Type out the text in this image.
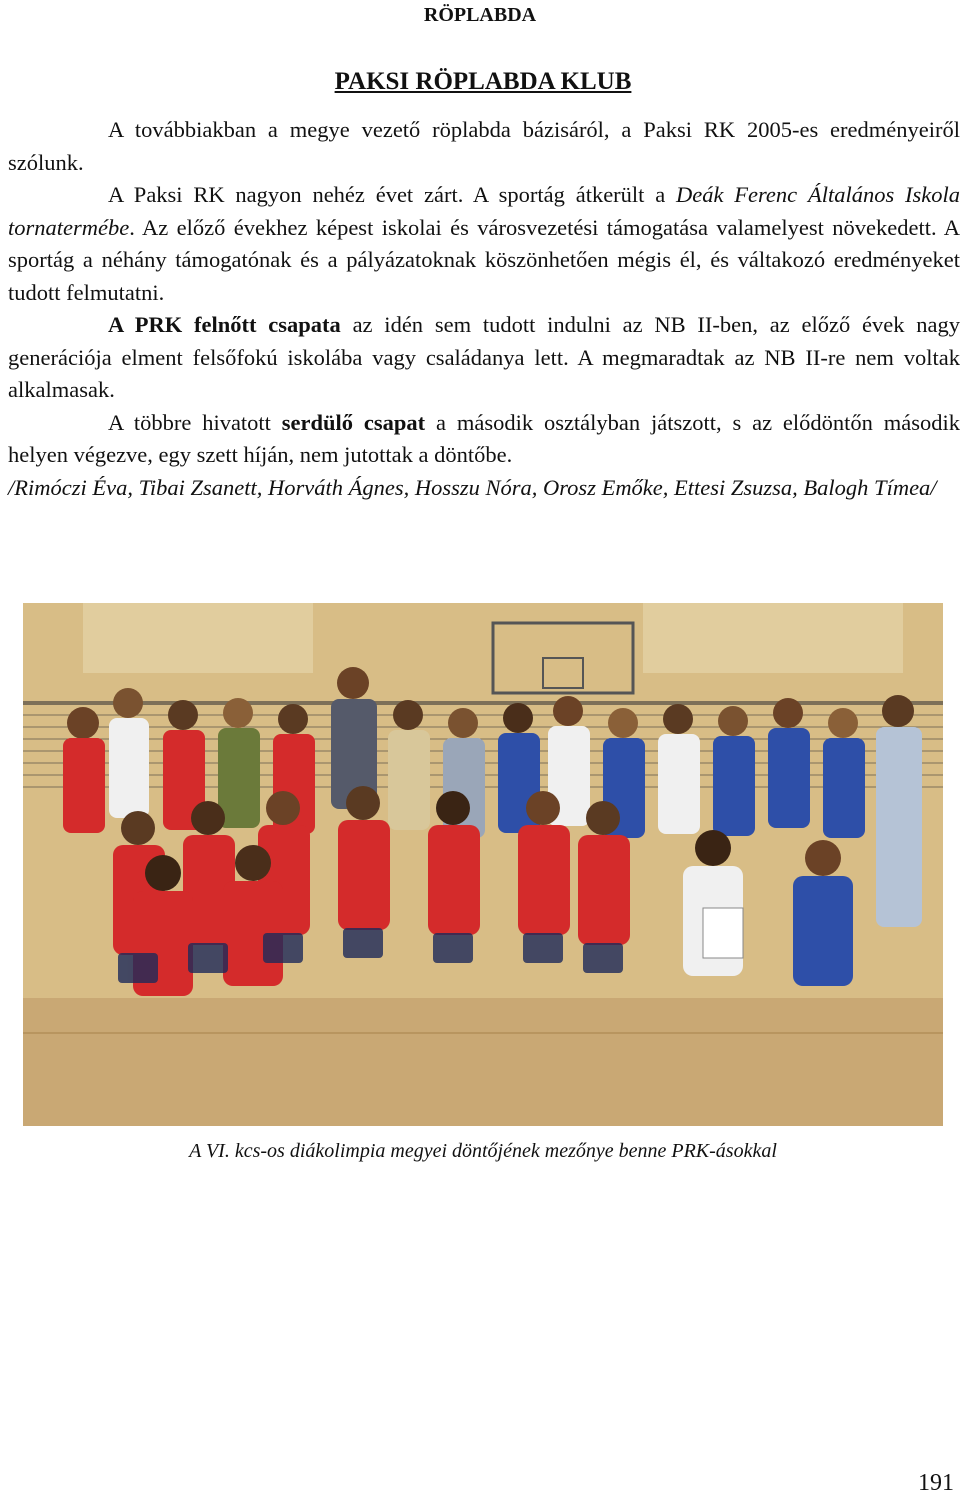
RÖPLABDA
PAKSI RÖPLABDA KLUB

A továbbiakban a megye vezető röplabda bázisáról, a Paksi RK 2005-es eredményeiről szólunk.

A Paksi RK nagyon nehéz évet zárt. A sportág átkerült a Deák Ferenc Általános Iskola tornatermébe. Az előző évekhez képest iskolai és városvezetési támogatása valamelyest növekedett. A sportág a néhány támogatónak és a pályázatoknak köszönhetően mégis él, és váltakozó eredményeket tudott felmutatni.

A PRK felnőtt csapata az idén sem tudott indulni az NB II-ben, az előző évek nagy generációja elment felsőfokú iskolába vagy családanya lett. A megmaradtak az NB II-re nem voltak alkalmasak.

A többre hivatott serdülő csapat a második osztályban játszott, s az elődöntőn második helyen végezve, egy szett híján, nem jutottak a döntőbe.

/Rimóczi Éva, Tibai Zsanett, Horváth Ágnes, Hosszu Nóra, Orosz Emőke, Ettesi Zsuzsa, Balogh Tímea/

A VI. kcs-os diákolimpia megyei döntőjének mezőnye benne PRK-ásokkal
191
